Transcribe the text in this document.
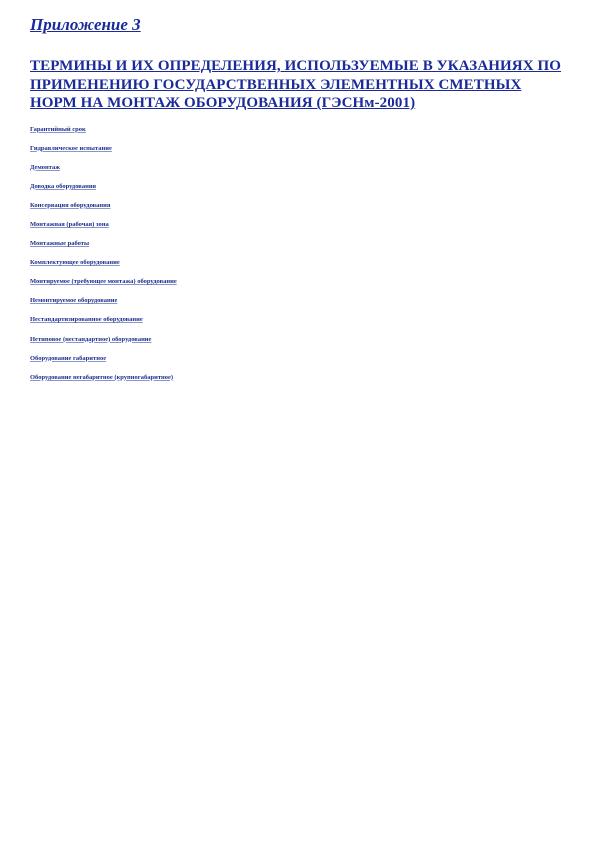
Приложение 3
ТЕРМИНЫ И ИХ ОПРЕДЕЛЕНИЯ, ИСПОЛЬЗУЕМЫЕ В УКАЗАНИЯХ ПО ПРИМЕНЕНИЮ ГОСУДАРСТВЕННЫХ ЭЛЕМЕНТНЫХ СМЕТНЫХ НОРМ НА МОНТАЖ ОБОРУДОВАНИЯ (ГЭСНм-2001)

Гарантийный срок

Гидравлическое испытание

Демонтаж

Доводка оборудования

Консервация оборудования

Монтажная (рабочая) зона

Монтажные работы

Комплектующее оборудование

Монтируемое (требующее монтажа) оборудование

Немонтируемое оборудование

Нестандартизированное оборудование

Нетиповое (нестандартное) оборудование

Оборудование габаритное

Оборудование негабаритное (крупногабаритное)
